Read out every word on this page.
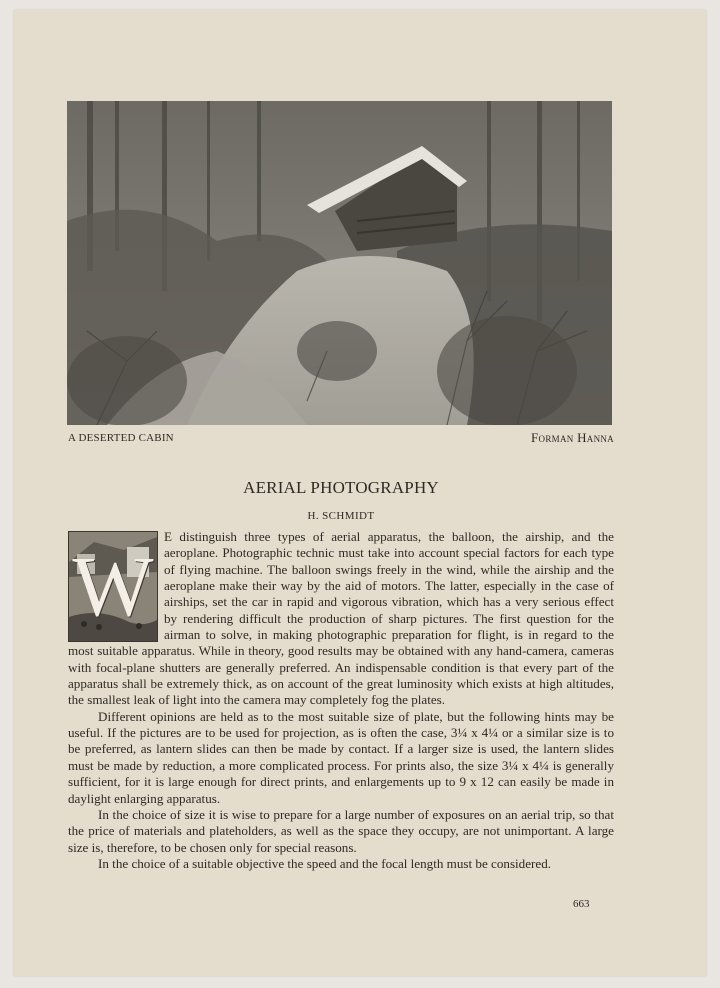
A DESERTED CABIN	Forman Hanna
AERIAL PHOTOGRAPHY
H. SCHMIDT

W
E distinguish three types of aerial apparatus, the balloon, the airship, and the aeroplane. Photographic technic must take into account special factors for each type of flying machine. The balloon swings freely in the wind, while the airship and the aeroplane make their way by the aid of motors. The latter, especially in the case of airships, set the car in rapid and vigorous vibration, which has a very serious effect by rendering difficult the production of sharp pictures. The first question for the airman to solve, in making photographic preparation for flight, is in regard to the most suitable apparatus. While in theory, good results may be obtained with any hand-camera, cameras with focal-plane shutters are generally preferred. An indispensable condition is that every part of the apparatus shall be extremely thick, as on account of the great luminosity which exists at high altitudes, the smallest leak of light into the camera may completely fog the plates.

Different opinions are held as to the most suitable size of plate, but the following hints may be useful. If the pictures are to be used for projection, as is often the case, 3¼ x 4¼ or a similar size is to be preferred, as lantern slides can then be made by contact. If a larger size is used, the lantern slides must be made by reduction, a more complicated process. For prints also, the size 3¼ x 4¼ is generally sufficient, for it is large enough for direct prints, and enlargements up to 9 x 12 can easily be made in daylight enlarging apparatus.

In the choice of size it is wise to prepare for a large number of exposures on an aerial trip, so that the price of materials and plateholders, as well as the space they occupy, are not unimportant. A large size is, therefore, to be chosen only for special reasons.

In the choice of a suitable objective the speed and the focal length must be considered.

663
